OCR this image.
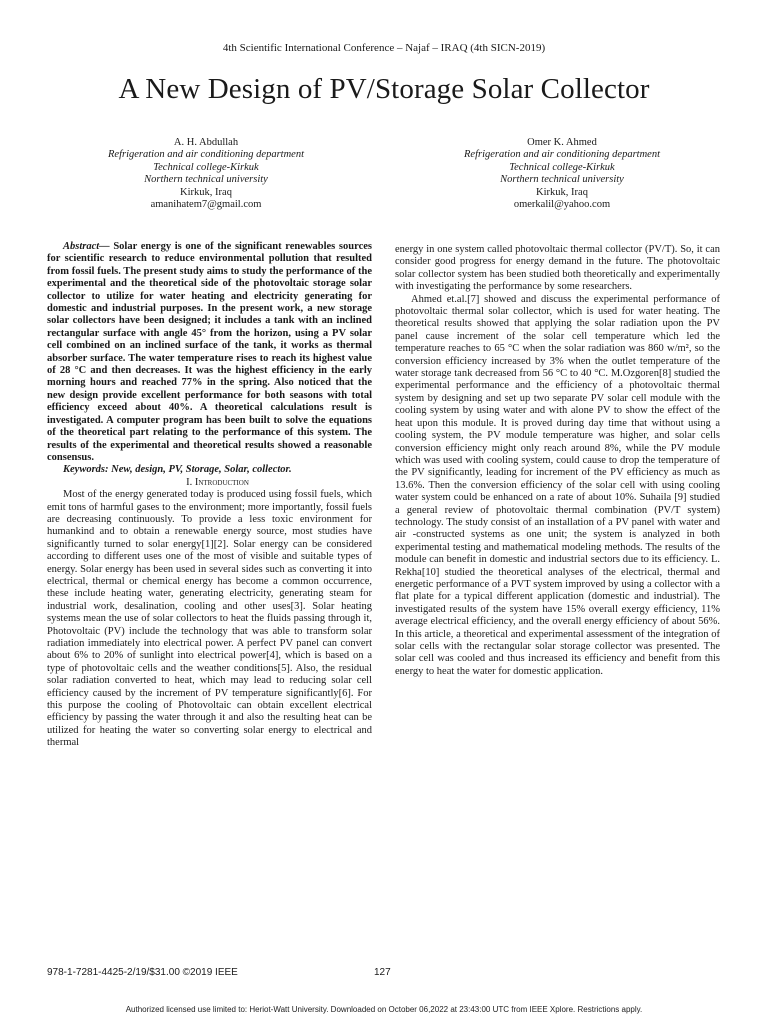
4th Scientific International Conference – Najaf – IRAQ (4th SICN-2019)
A New Design of PV/Storage Solar Collector
A. H. Abdullah
Refrigeration and air conditioning department
Technical college-Kirkuk
Northern technical university
Kirkuk, Iraq
amanihatem7@gmail.com
Omer K. Ahmed
Refrigeration and air conditioning department
Technical college-Kirkuk
Northern technical university
Kirkuk, Iraq
omerkalil@yahoo.com

Abstract— Solar energy is one of the significant renewables sources for scientific research to reduce environmental pollution that resulted from fossil fuels. The present study aims to study the performance of the experimental and the theoretical side of the photovoltaic storage solar collector to utilize for water heating and electricity generating for domestic and industrial purposes. In the present work, a new storage solar collectors have been designed; it includes a tank with an inclined rectangular surface with angle 45° from the horizon, using a PV solar cell combined on an inclined surface of the tank, it works as thermal absorber surface. The water temperature rises to reach its highest value of 28 °C and then decreases. It was the highest efficiency in the early morning hours and reached 77% in the spring. Also noticed that the new design provide excellent performance for both seasons with total efficiency exceed about 40%. A theoretical calculations result is investigated. A computer program has been built to solve the equations of the theoretical part relating to the performance of this system. The results of the experimental and theoretical results showed a reasonable consensus.

Keywords: New, design, PV, Storage, Solar, collector.

I. Introduction

Most of the energy generated today is produced using fossil fuels, which emit tons of harmful gases to the environment; more importantly, fossil fuels are decreasing continuously. To provide a less toxic environment for humankind and to obtain a renewable energy source, most studies have significantly turned to solar energy[1][2]. Solar energy can be considered according to different uses one of the most of visible and suitable types of energy. Solar energy has been used in several sides such as converting it into electrical, thermal or chemical energy has become a common occurrence, these include heating water, generating electricity, generating steam for industrial work, desalination, cooling and other uses[3]. Solar heating systems mean the use of solar collectors to heat the fluids passing through it, Photovoltaic (PV) include the technology that was able to transform solar radiation immediately into electrical power. A perfect PV panel can convert about 6% to 20% of sunlight into electrical power[4], which is based on a type of photovoltaic cells and the weather conditions[5]. Also, the residual solar radiation converted to heat, which may lead to reducing solar cell efficiency caused by the increment of PV temperature significantly[6]. For this purpose the cooling of Photovoltaic can obtain excellent electrical efficiency by passing the water through it and also the resulting heat can be utilized for heating the water so converting solar energy to electrical and thermal

energy in one system called photovoltaic thermal collector (PV/T). So, it can consider good progress for energy demand in the future. The photovoltaic solar collector system has been studied both theoretically and experimentally with investigating the performance by some researchers.

Ahmed et.al.[7] showed and discuss the experimental performance of photovoltaic thermal solar collector, which is used for water heating. The theoretical results showed that applying the solar radiation upon the PV panel cause increment of the solar cell temperature which led the temperature reaches to 65 °C when the solar radiation was 860 w/m², so the conversion efficiency increased by 3% when the outlet temperature of the water storage tank decreased from 56 °C to 40 °C. M.Ozgoren[8] studied the experimental performance and the efficiency of a photovoltaic thermal system by designing and set up two separate PV solar cell module with the cooling system by using water and with alone PV to show the effect of the heat upon this module. It is proved during day time that without using a cooling system, the PV module temperature was higher, and solar cells conversion efficiency might only reach around 8%, while the PV module which was used with cooling system, could cause to drop the temperature of the PV significantly, leading for increment of the PV efficiency as much as 13.6%. Then the conversion efficiency of the solar cell with using cooling water system could be enhanced on a rate of about 10%. Suhaila [9] studied a general review of photovoltaic thermal combination (PV/T system) technology. The study consist of an installation of a PV panel with water and air -constructed systems as one unit; the system is analyzed in both experimental testing and mathematical modeling methods. The results of the module can benefit in domestic and industrial sectors due to its efficiency. L. Rekha[10] studied the theoretical analyses of the electrical, thermal and energetic performance of a PVT system improved by using a collector with a flat plate for a typical different application (domestic and industrial). The investigated results of the system have 15% overall exergy efficiency, 11% average electrical efficiency, and the overall energy efficiency of about 56%. In this article, a theoretical and experimental assessment of the integration of solar cells with the rectangular solar storage collector was presented. The solar cell was cooled and thus increased its efficiency and benefit from this energy to heat the water for domestic application.

978-1-7281-4425-2/19/$31.00 ©2019 IEEE	127
Authorized licensed use limited to: Heriot-Watt University. Downloaded on October 06,2022 at 23:43:00 UTC from IEEE Xplore. Restrictions apply.
